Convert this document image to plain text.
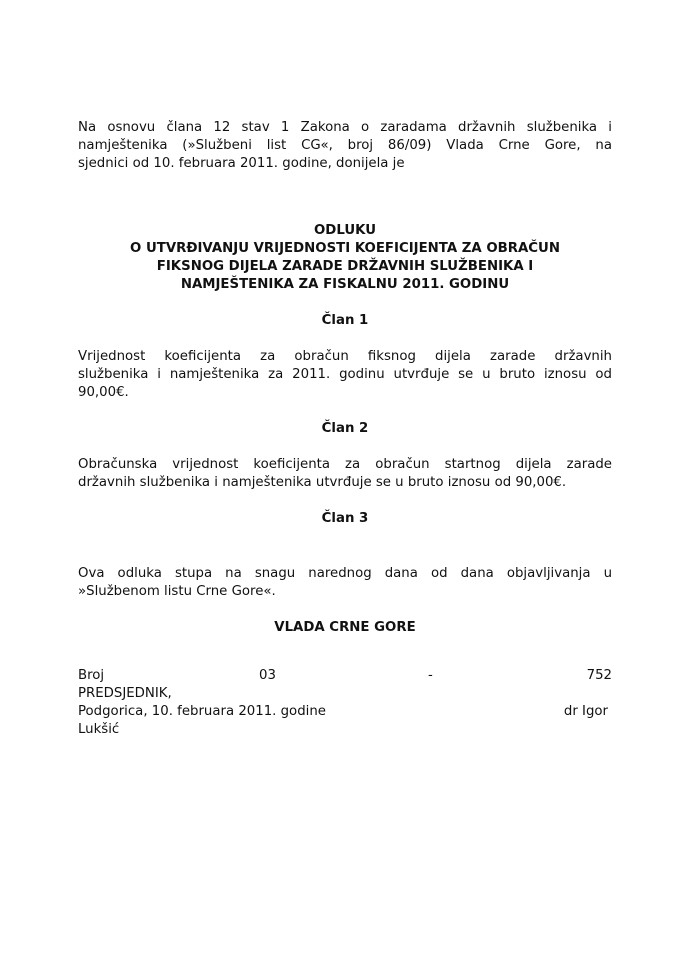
Na osnovu člana 12 stav 1 Zakona o zaradama državnih službenika i

namještenika (»Službeni list CG«, broj 86/09) Vlada Crne Gore, na

sjednici od 10. februara 2011. godine, donijela je

ODLUKU

O UTVRĐIVANJU VRIJEDNOSTI KOEFICIJENTA ZA OBRAČUN

FIKSNOG DIJELA ZARADE DRŽAVNIH SLUŽBENIKA I

NAMJEŠTENIKA ZA FISKALNU 2011. GODINU

Član 1

Vrijednost koeficijenta za obračun fiksnog dijela zarade državnih

službenika i namještenika za 2011. godinu utvrđuje se u bruto iznosu od

90,00€.

Član 2

Obračunska vrijednost koeficijenta za obračun startnog dijela zarade

državnih službenika i namještenika utvrđuje se u bruto iznosu od 90,00€.

Član 3

Ova odluka stupa na snagu narednog dana od dana objavljivanja u

»Službenom listu Crne Gore«.

VLADA CRNE GORE

Broj	03	-	752
PREDSJEDNIK,
Podgorica, 10. februara 2011. godine	dr Igor
Lukšić
